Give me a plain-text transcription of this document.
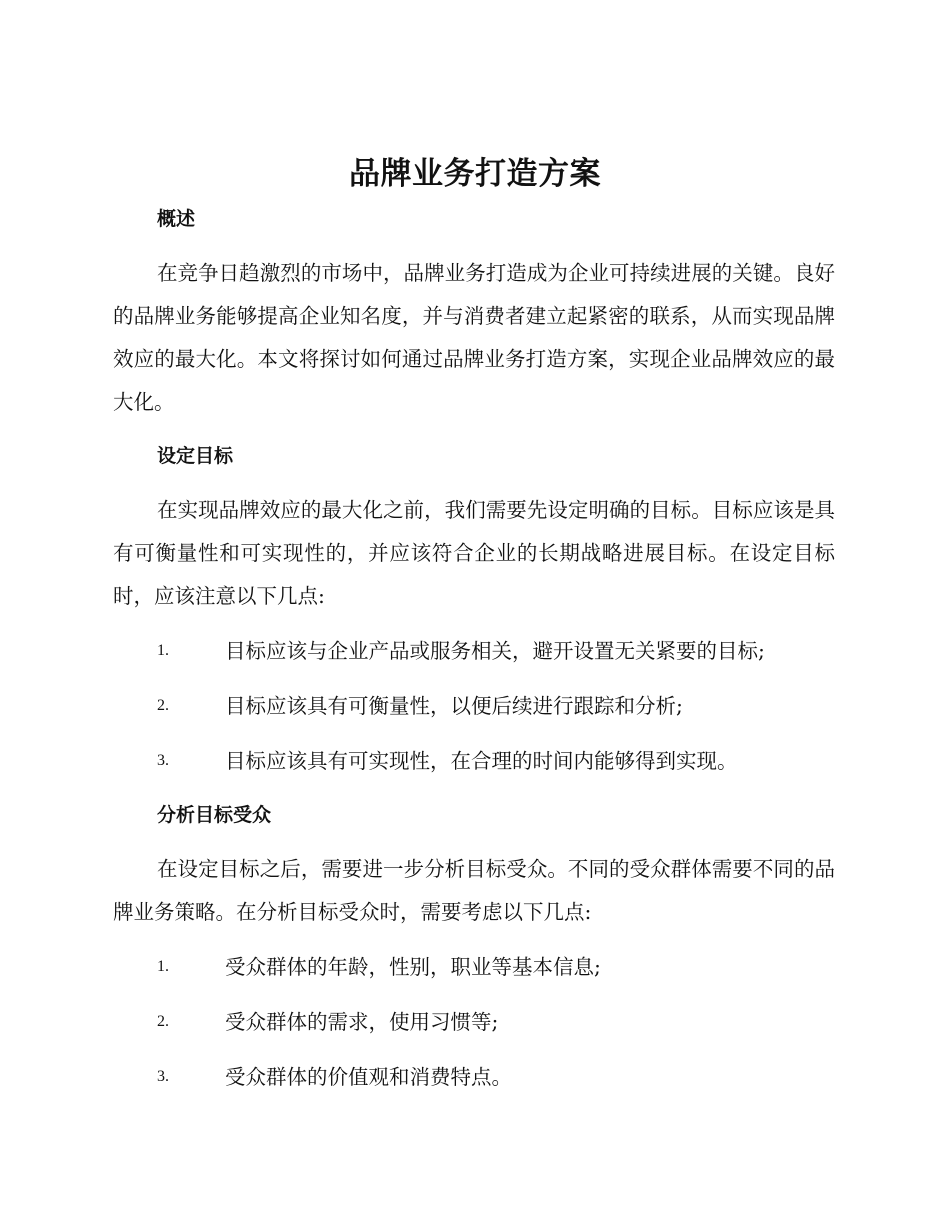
品牌业务打造方案
概述

在竞争日趋激烈的市场中，品牌业务打造成为企业可持续进展的关键。良好的品牌业务能够提高企业知名度，并与消费者建立起紧密的联系，从而实现品牌效应的最大化。本文将探讨如何通过品牌业务打造方案，实现企业品牌效应的最大化。

设定目标

在实现品牌效应的最大化之前，我们需要先设定明确的目标。目标应该是具有可衡量性和可实现性的，并应该符合企业的长期战略进展目标。在设定目标时，应该注意以下几点:

1.	目标应该与企业产品或服务相关，避开设置无关紧要的目标;
2.	目标应该具有可衡量性，以便后续进行跟踪和分析;
3.	目标应该具有可实现性，在合理的时间内能够得到实现。
分析目标受众

在设定目标之后，需要进一步分析目标受众。不同的受众群体需要不同的品牌业务策略。在分析目标受众时，需要考虑以下几点:

1.	受众群体的年龄，性别，职业等基本信息;
2.	受众群体的需求，使用习惯等;
3.	受众群体的价值观和消费特点。
